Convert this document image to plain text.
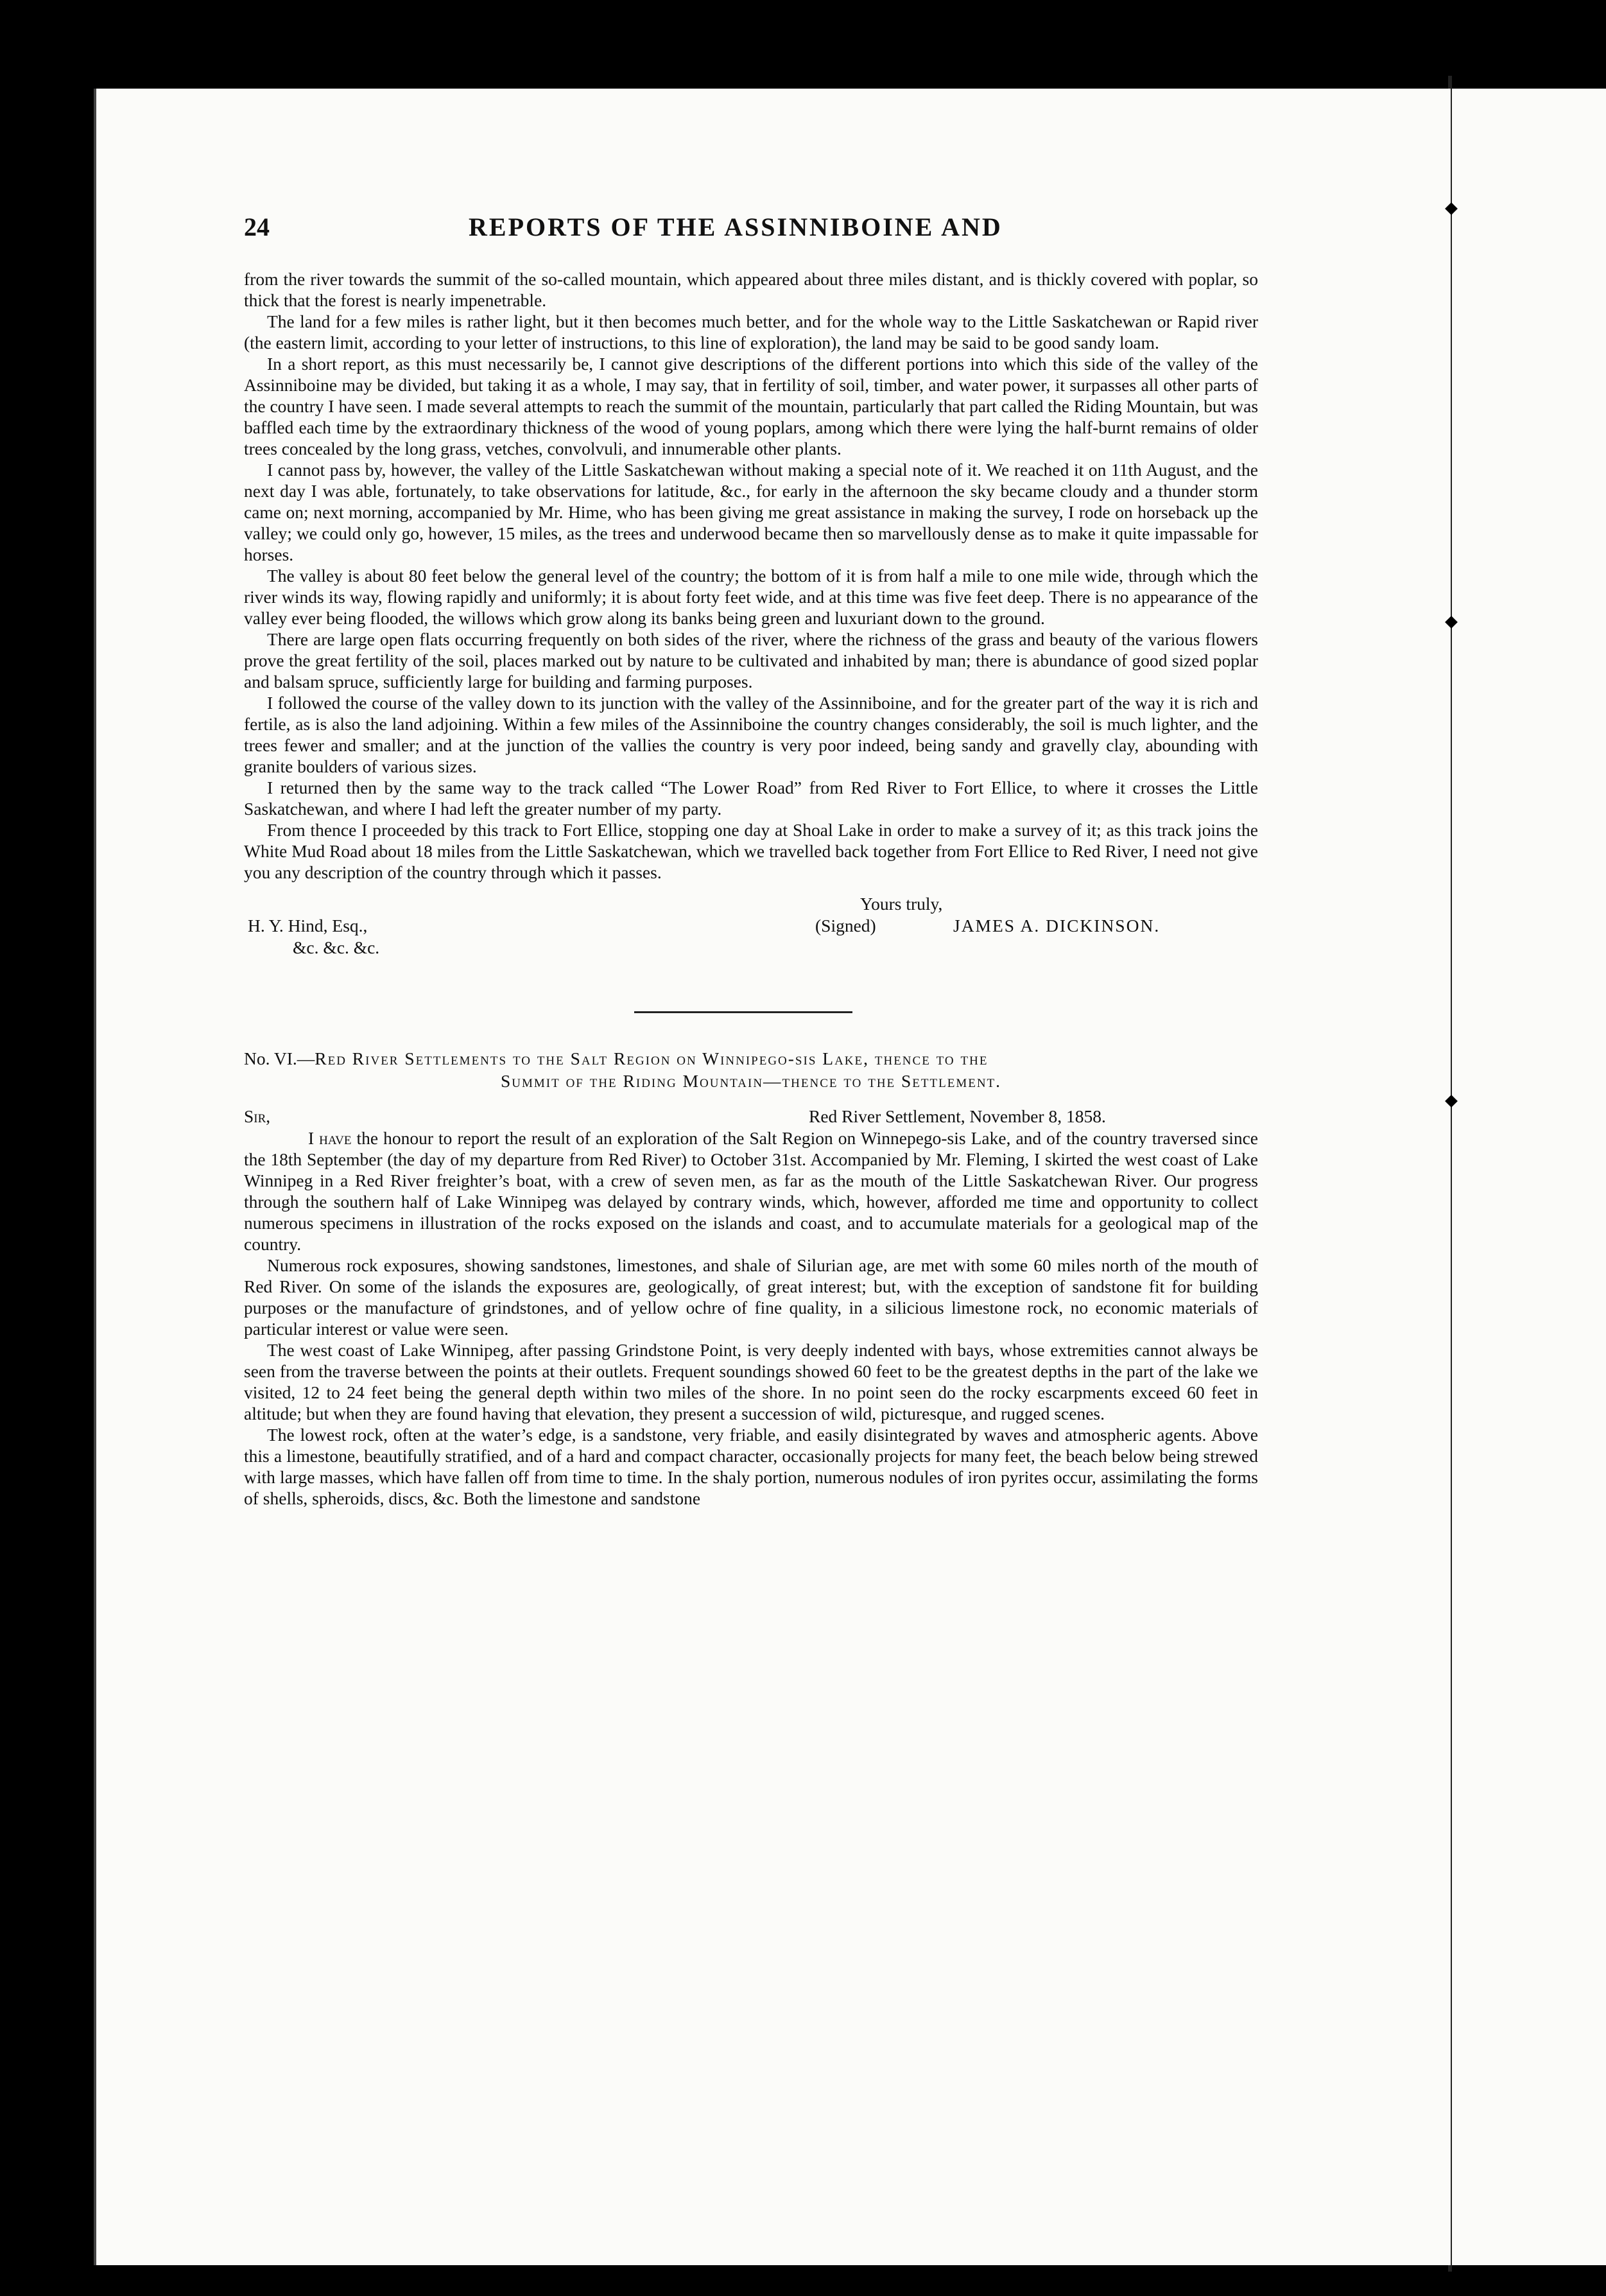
24	REPORTS OF THE ASSINNIBOINE AND

from the river towards the summit of the so-called mountain, which appeared about three miles distant, and is thickly covered with poplar, so thick that the forest is nearly impenetrable.

The land for a few miles is rather light, but it then becomes much better, and for the whole way to the Little Saskatchewan or Rapid river (the eastern limit, according to your letter of instructions, to this line of exploration), the land may be said to be good sandy loam.

In a short report, as this must necessarily be, I cannot give descriptions of the different portions into which this side of the valley of the Assinniboine may be divided, but taking it as a whole, I may say, that in fertility of soil, timber, and water power, it surpasses all other parts of the country I have seen. I made several attempts to reach the summit of the mountain, particularly that part called the Riding Mountain, but was baffled each time by the extraordinary thickness of the wood of young poplars, among which there were lying the half-burnt remains of older trees concealed by the long grass, vetches, convolvuli, and innumerable other plants.

I cannot pass by, however, the valley of the Little Saskatchewan without making a special note of it. We reached it on 11th August, and the next day I was able, fortunately, to take observations for latitude, &c., for early in the afternoon the sky became cloudy and a thunder storm came on; next morning, accompanied by Mr. Hime, who has been giving me great assistance in making the survey, I rode on horseback up the valley; we could only go, however, 15 miles, as the trees and underwood became then so marvellously dense as to make it quite impassable for horses.

The valley is about 80 feet below the general level of the country; the bottom of it is from half a mile to one mile wide, through which the river winds its way, flowing rapidly and uniformly; it is about forty feet wide, and at this time was five feet deep. There is no appearance of the valley ever being flooded, the willows which grow along its banks being green and luxuriant down to the ground.

There are large open flats occurring frequently on both sides of the river, where the richness of the grass and beauty of the various flowers prove the great fertility of the soil, places marked out by nature to be cultivated and inhabited by man; there is abundance of good sized poplar and balsam spruce, sufficiently large for building and farming purposes.

I followed the course of the valley down to its junction with the valley of the Assinniboine, and for the greater part of the way it is rich and fertile, as is also the land adjoining. Within a few miles of the Assinniboine the country changes considerably, the soil is much lighter, and the trees fewer and smaller; and at the junction of the vallies the country is very poor indeed, being sandy and gravelly clay, abounding with granite boulders of various sizes.

I returned then by the same way to the track called “The Lower Road” from Red River to Fort Ellice, to where it crosses the Little Saskatchewan, and where I had left the greater number of my party.

From thence I proceeded by this track to Fort Ellice, stopping one day at Shoal Lake in order to make a survey of it; as this track joins the White Mud Road about 18 miles from the Little Saskatchewan, which we travelled back together from Fort Ellice to Red River, I need not give you any description of the country through which it passes.

Yours truly,
H. Y. Hind, Esq.,
&c. &c. &c.
(Signed)	JAMES A. DICKINSON.

No. VI.—Red River Settlements to the Salt Region on Winnipego-sis Lake, thence to the

Summit of the Riding Mountain—thence to the Settlement.
Sir,	Red River Settlement, November 8, 1858.

I have the honour to report the result of an exploration of the Salt Region on Winnepego-sis Lake, and of the country traversed since the 18th September (the day of my departure from Red River) to October 31st. Accompanied by Mr. Fleming, I skirted the west coast of Lake Winnipeg in a Red River freighter’s boat, with a crew of seven men, as far as the mouth of the Little Saskatchewan River. Our progress through the southern half of Lake Winnipeg was delayed by contrary winds, which, however, afforded me time and opportunity to collect numerous specimens in illustration of the rocks exposed on the islands and coast, and to accumulate materials for a geological map of the country.

Numerous rock exposures, showing sandstones, limestones, and shale of Silurian age, are met with some 60 miles north of the mouth of Red River. On some of the islands the exposures are, geologically, of great interest; but, with the exception of sandstone fit for building purposes or the manufacture of grindstones, and of yellow ochre of fine quality, in a silicious limestone rock, no economic materials of particular interest or value were seen.

The west coast of Lake Winnipeg, after passing Grindstone Point, is very deeply indented with bays, whose extremities cannot always be seen from the traverse between the points at their outlets. Frequent soundings showed 60 feet to be the greatest depths in the part of the lake we visited, 12 to 24 feet being the general depth within two miles of the shore. In no point seen do the rocky escarpments exceed 60 feet in altitude; but when they are found having that elevation, they present a succession of wild, picturesque, and rugged scenes.

The lowest rock, often at the water’s edge, is a sandstone, very friable, and easily disintegrated by waves and atmospheric agents. Above this a limestone, beautifully stratified, and of a hard and compact character, occasionally projects for many feet, the beach below being strewed with large masses, which have fallen off from time to time. In the shaly portion, numerous nodules of iron pyrites occur, assimilating the forms of shells, spheroids, discs, &c. Both the limestone and sandstone
